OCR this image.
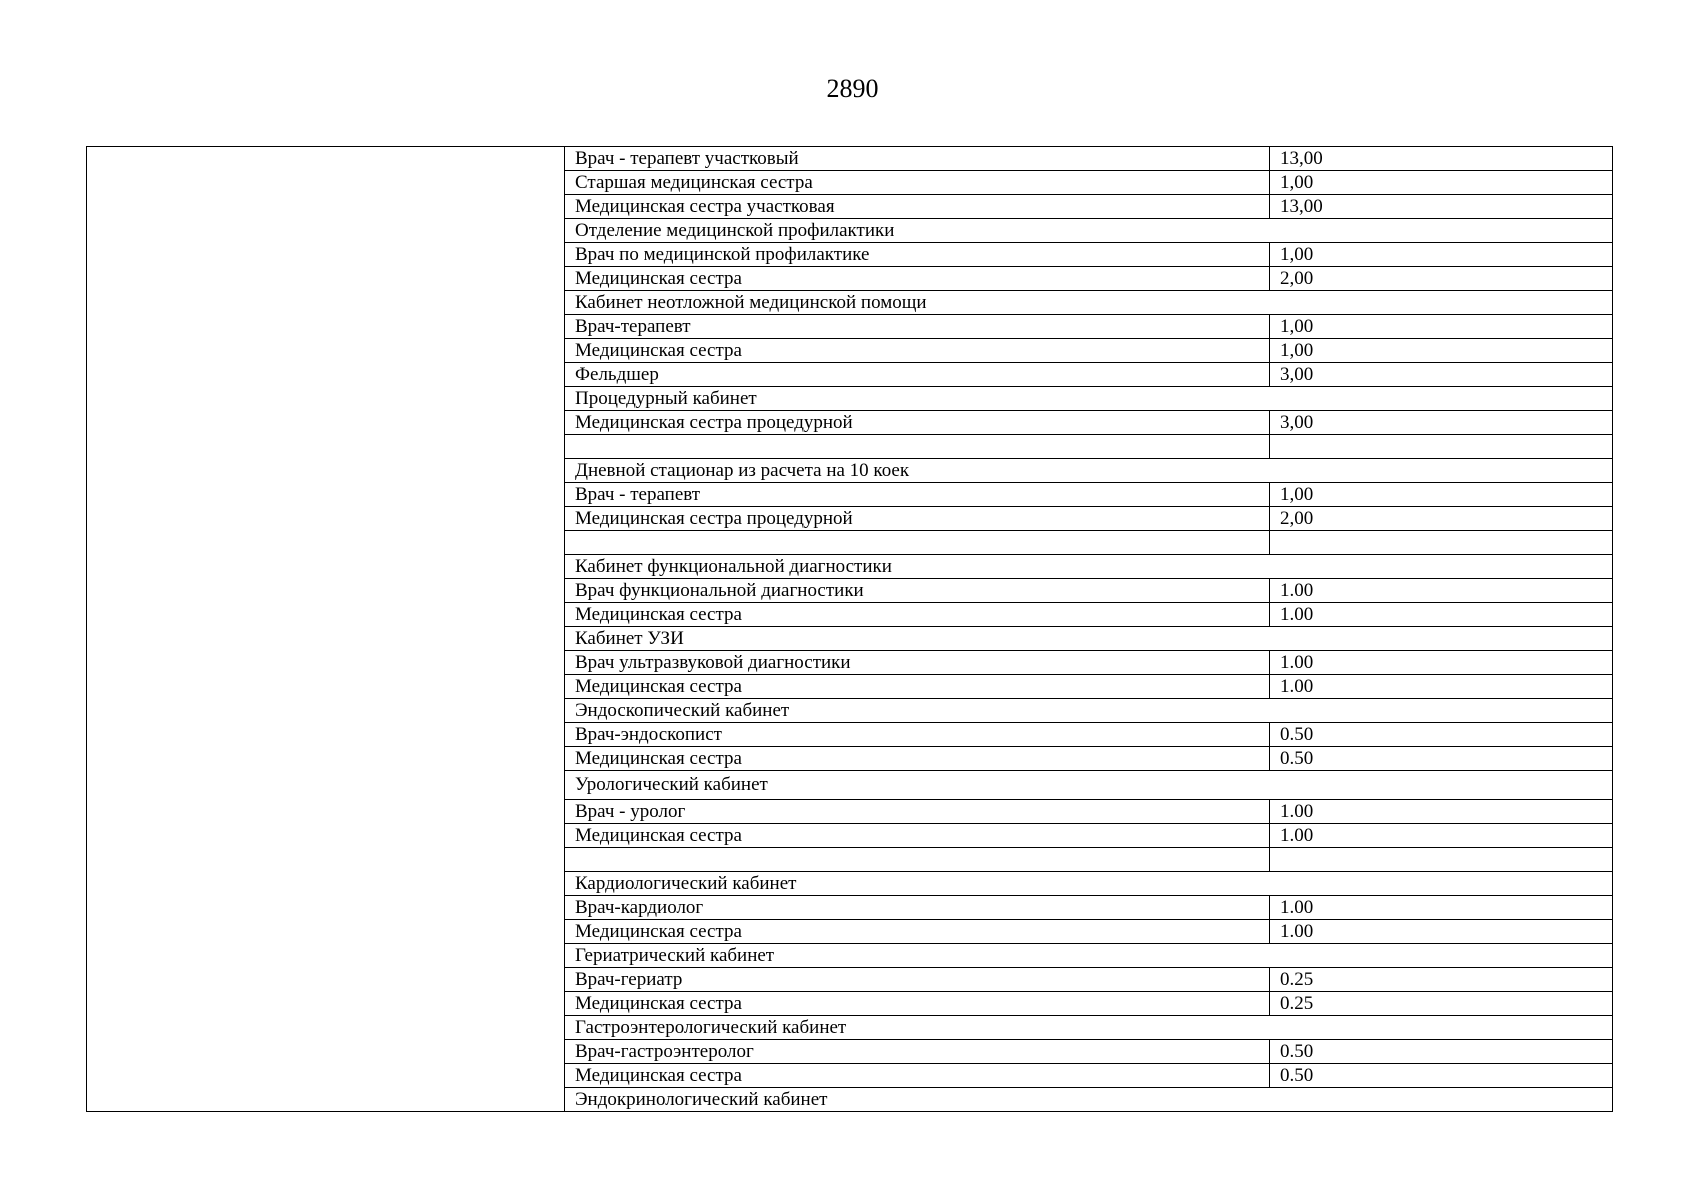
2890
Врач - терапевт участковый	13,00
Старшая медицинская сестра	1,00
Медицинская сестра участковая	13,00
Отделение медицинской профилактики	
Врач по медицинской профилактике	1,00
Медицинская сестра	2,00
Кабинет неотложной медицинской помощи	
Врач-терапевт	1,00
Медицинская сестра	1,00
Фельдшер	3,00
Процедурный кабинет	
Медицинская сестра процедурной	3,00

Дневной стационар из расчета на 10 коек	
Врач - терапевт	1,00
Медицинская сестра процедурной	2,00

Кабинет функциональной диагностики	
Врач функциональной диагностики	1.00
Медицинская сестра	1.00
Кабинет УЗИ	
Врач ультразвуковой диагностики	1.00
Медицинская сестра	1.00
Эндоскопический кабинет	
Врач-эндоскопист	0.50
Медицинская сестра	0.50
Урологический кабинет	
Врач - уролог	1.00
Медицинская сестра	1.00

Кардиологический кабинет	
Врач-кардиолог	1.00
Медицинская сестра	1.00
Гериатрический кабинет	
Врач-гериатр	0.25
Медицинская сестра	0.25
Гастроэнтерологический кабинет	
Врач-гастроэнтеролог	0.50
Медицинская сестра	0.50
Эндокринологический кабинет	
